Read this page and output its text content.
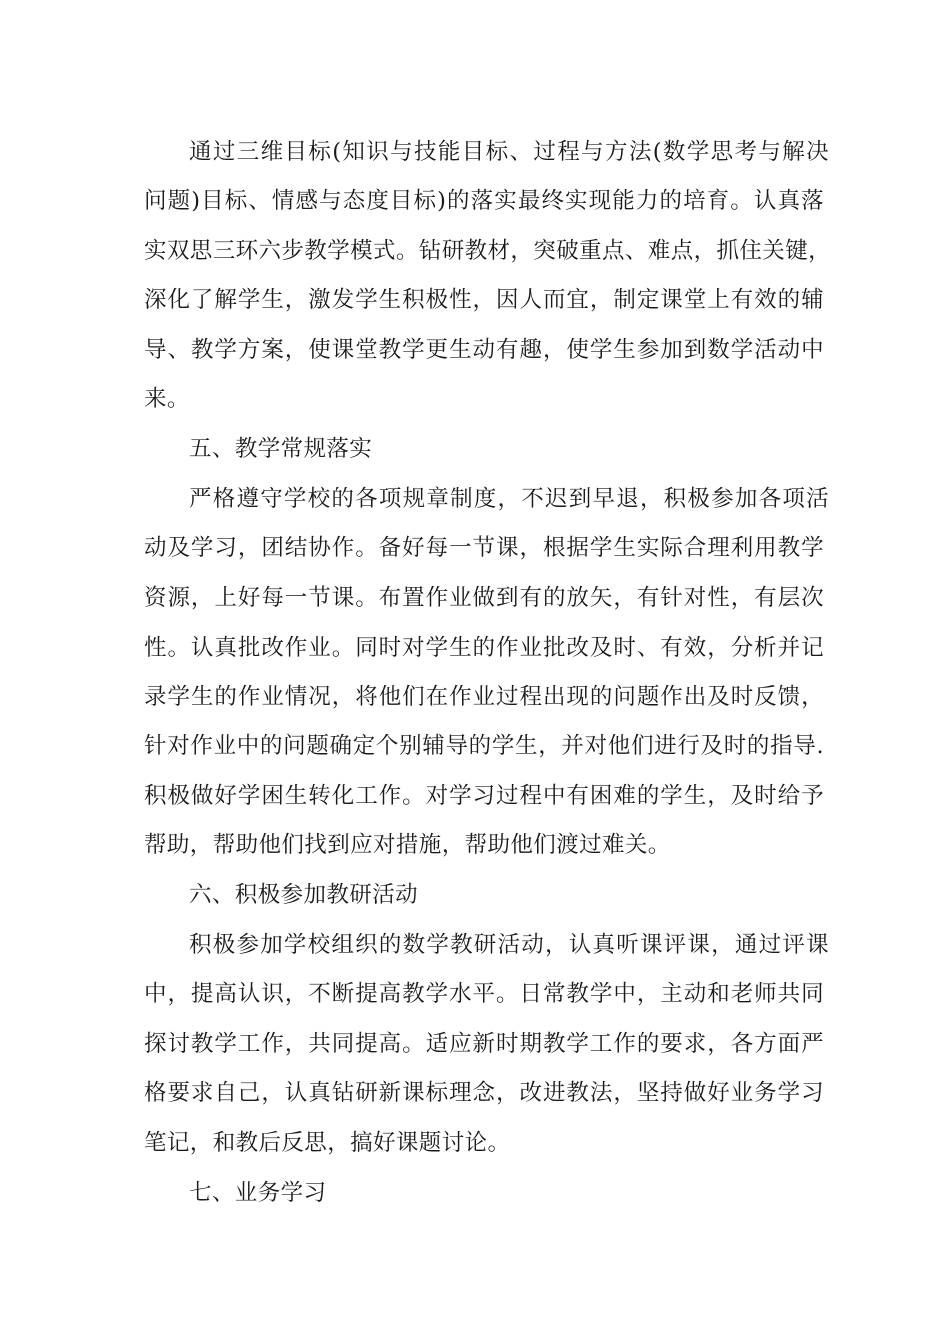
通过三维目标(知识与技能目标、过程与方法(数学思考与解决
问题)目标、情感与态度目标)的落实最终实现能力的培育。认真落
实双思三环六步教学模式。钻研教材，突破重点、难点，抓住关键，
深化了解学生，激发学生积极性，因人而宜，制定课堂上有效的辅
导、教学方案，使课堂教学更生动有趣，使学生参加到数学活动中
来。
五、教学常规落实
严格遵守学校的各项规章制度，不迟到早退，积极参加各项活
动及学习，团结协作。备好每一节课，根据学生实际合理利用教学
资源，上好每一节课。布置作业做到有的放矢，有针对性，有层次
性。认真批改作业。同时对学生的作业批改及时、有效，分析并记
录学生的作业情况，将他们在作业过程出现的问题作出及时反馈，
针对作业中的问题确定个别辅导的学生，并对他们进行及时的指导.
积极做好学困生转化工作。对学习过程中有困难的学生，及时给予
帮助，帮助他们找到应对措施，帮助他们渡过难关。
六、积极参加教研活动
积极参加学校组织的数学教研活动，认真听课评课，通过评课
中，提高认识，不断提高教学水平。日常教学中，主动和老师共同
探讨教学工作，共同提高。适应新时期教学工作的要求，各方面严
格要求自己，认真钻研新课标理念，改进教法，坚持做好业务学习
笔记，和教后反思，搞好课题讨论。
七、业务学习
